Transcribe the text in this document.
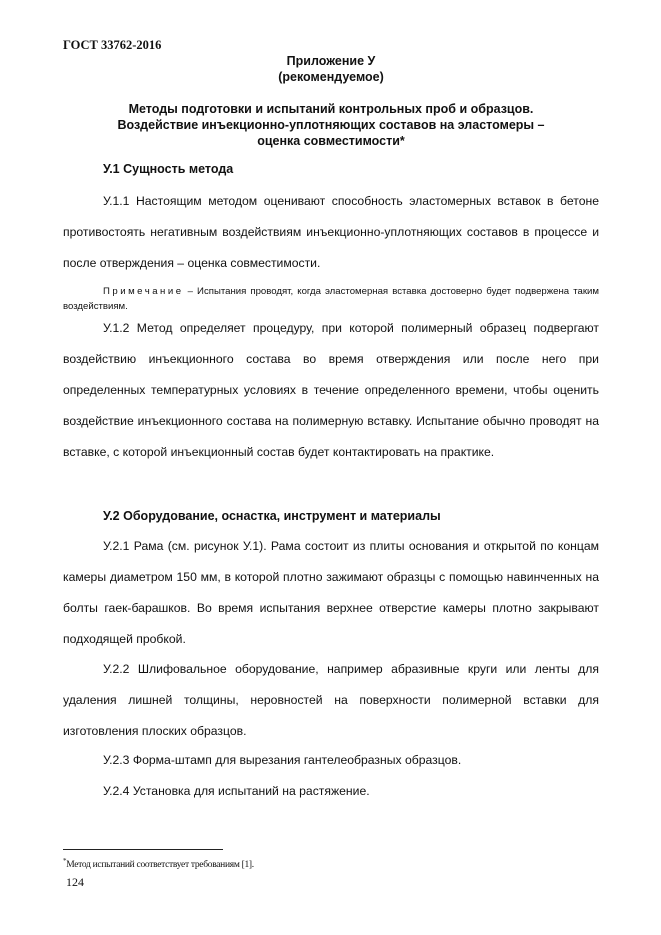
ГОСТ 33762-2016
Приложение У
(рекомендуемое)
Методы подготовки и испытаний контрольных проб и образцов.
Воздействие инъекционно-уплотняющих составов на эластомеры –
оценка совместимости*
У.1 Сущность метода

У.1.1 Настоящим методом оценивают способность эластомерных вставок в бетоне противостоять негативным воздействиям инъекционно-уплотняющих составов в процессе и после отверждения – оценка совместимости.

Примечание – Испытания проводят, когда эластомерная вставка достоверно будет подвержена таким воздействиям.

У.1.2 Метод определяет процедуру, при которой полимерный образец подвергают воздействию инъекционного состава во время отверждения или после него при определенных температурных условиях в течение определенного времени, чтобы оценить воздействие инъекционного состава на полимерную вставку. Испытание обычно проводят на вставке, с которой инъекционный состав будет контактировать на практике.

У.2 Оборудование, оснастка, инструмент и материалы

У.2.1 Рама (см. рисунок У.1). Рама состоит из плиты основания и открытой по концам камеры диаметром 150 мм, в которой плотно зажимают образцы с помощью навинченных на болты гаек-барашков. Во время испытания верхнее отверстие камеры плотно закрывают подходящей пробкой.

У.2.2 Шлифовальное оборудование, например абразивные круги или ленты для удаления лишней толщины, неровностей на поверхности полимерной вставки для изготовления плоских образцов.

У.2.3 Форма-штамп для вырезания гантелеобразных образцов.

У.2.4 Установка для испытаний на растяжение.

*Метод испытаний соответствует требованиям [1].
124
